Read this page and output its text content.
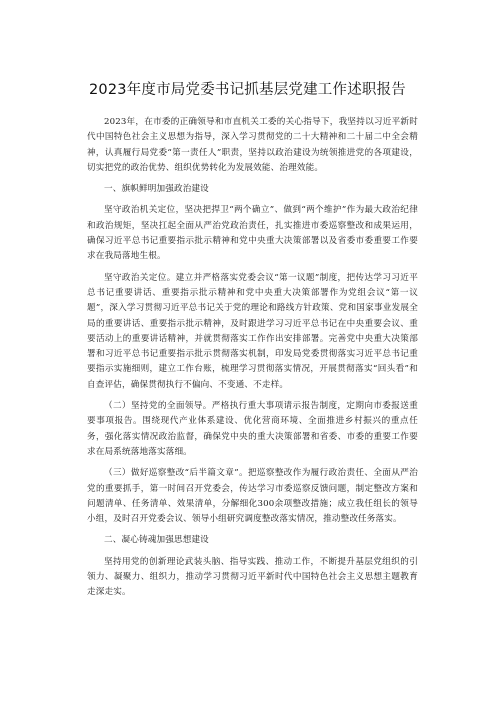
2023年度市局党委书记抓基层党建工作述职报告

2023年，在市委的正确领导和市直机关工委的关心指导下，我坚持以习近平新时代中国特色社会主义思想为指导，深入学习贯彻党的二十大精神和二十届二中全会精神，认真履行局党委“第一责任人”职责，坚持以政治建设为统领推进党的各项建设，切实把党的政治优势、组织优势转化为发展效能、治理效能。

一、旗帜鲜明加强政治建设

坚守政治机关定位，坚决把捍卫“两个确立”、做到“两个维护”作为最大政治纪律和政治规矩，坚决扛起全面从严治党政治责任，扎实推进市委巡察整改和成果运用，确保习近平总书记重要指示批示精神和党中央重大决策部署以及省委市委重要工作要求在我局落地生根。

坚守政治关定位。建立并严格落实党委会议“第一议题”制度，把传达学习习近平总书记重要讲话、重要指示批示精神和党中央重大决策部署作为党组会议“第一议题”，深入学习贯彻习近平总书记关于党的理论和路线方针政策、党和国家事业发展全局的重要讲话、重要指示批示精神，及时跟进学习习近平总书记在中央重要会议、重要活动上的重要讲话精神，并就贯彻落实工作作出安排部署。完善党中央重大决策部署和习近平总书记重要指示批示贯彻落实机制，印发局党委贯彻落实习近平总书记重要指示实施细则，建立工作台账，梳理学习贯彻落实情况，开展贯彻落实“回头看”和自查评估，确保贯彻执行不偏向、不变通、不走样。

（二）坚持党的全面领导。严格执行重大事项请示报告制度，定期向市委报送重要事项报告。围绕现代产业体系建设、优化营商环境、全面推进乡村振兴的重点任务，强化落实情况政治监督，确保党中央的重大决策部署和省委、市委的重要工作要求在局系统落地落实落细。

（三）做好巡察整改“后半篇文章”。把巡察整改作为履行政治责任、全面从严治党的重要抓手，第一时间召开党委会，传达学习市委巡察反馈问题，制定整改方案和问题清单、任务清单、效果清单，分解细化300余项整改措施；成立我任组长的领导小组，及时召开党委会议、领导小组研究调度整改落实情况，推动整改任务落实。

二、凝心铸魂加强思想建设

坚持用党的创新理论武装头脑、指导实践、推动工作，不断提升基层党组织的引领力、凝聚力、组织力，推动学习贯彻习近平新时代中国特色社会主义思想主题教育走深走实。
